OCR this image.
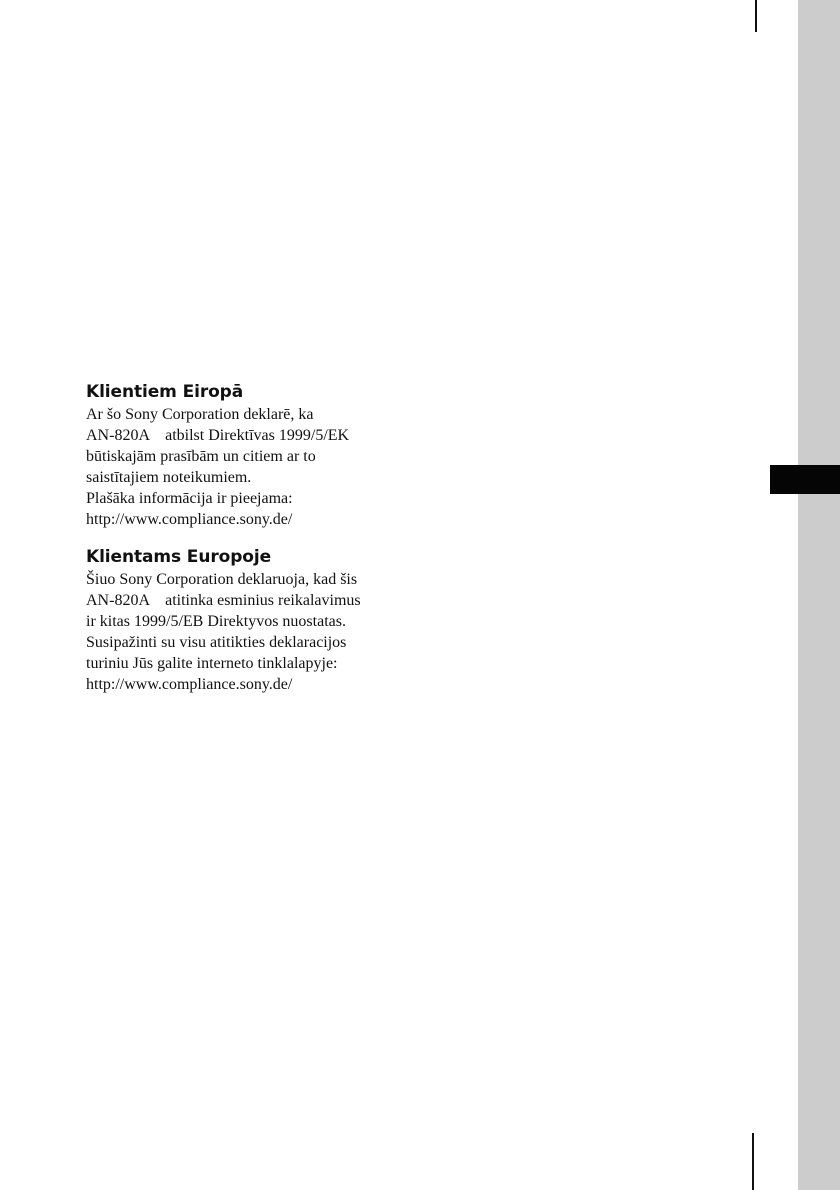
Klientiem Eiropā

Ar šo Sony Corporation deklarē, ka

AN-820A    atbilst Direktīvas 1999/5/EK

būtiskajām prasībām un citiem ar to

saistītajiem noteikumiem.

Plašāka informācija ir pieejama:

http://www.compliance.sony.de/

Klientams Europoje

Šiuo Sony Corporation deklaruoja, kad šis

AN-820A    atitinka esminius reikalavimus

ir kitas 1999/5/EB Direktyvos nuostatas.

Susipažinti su visu atitikties deklaracijos

turiniu Jūs galite interneto tinklalapyje:

http://www.compliance.sony.de/
